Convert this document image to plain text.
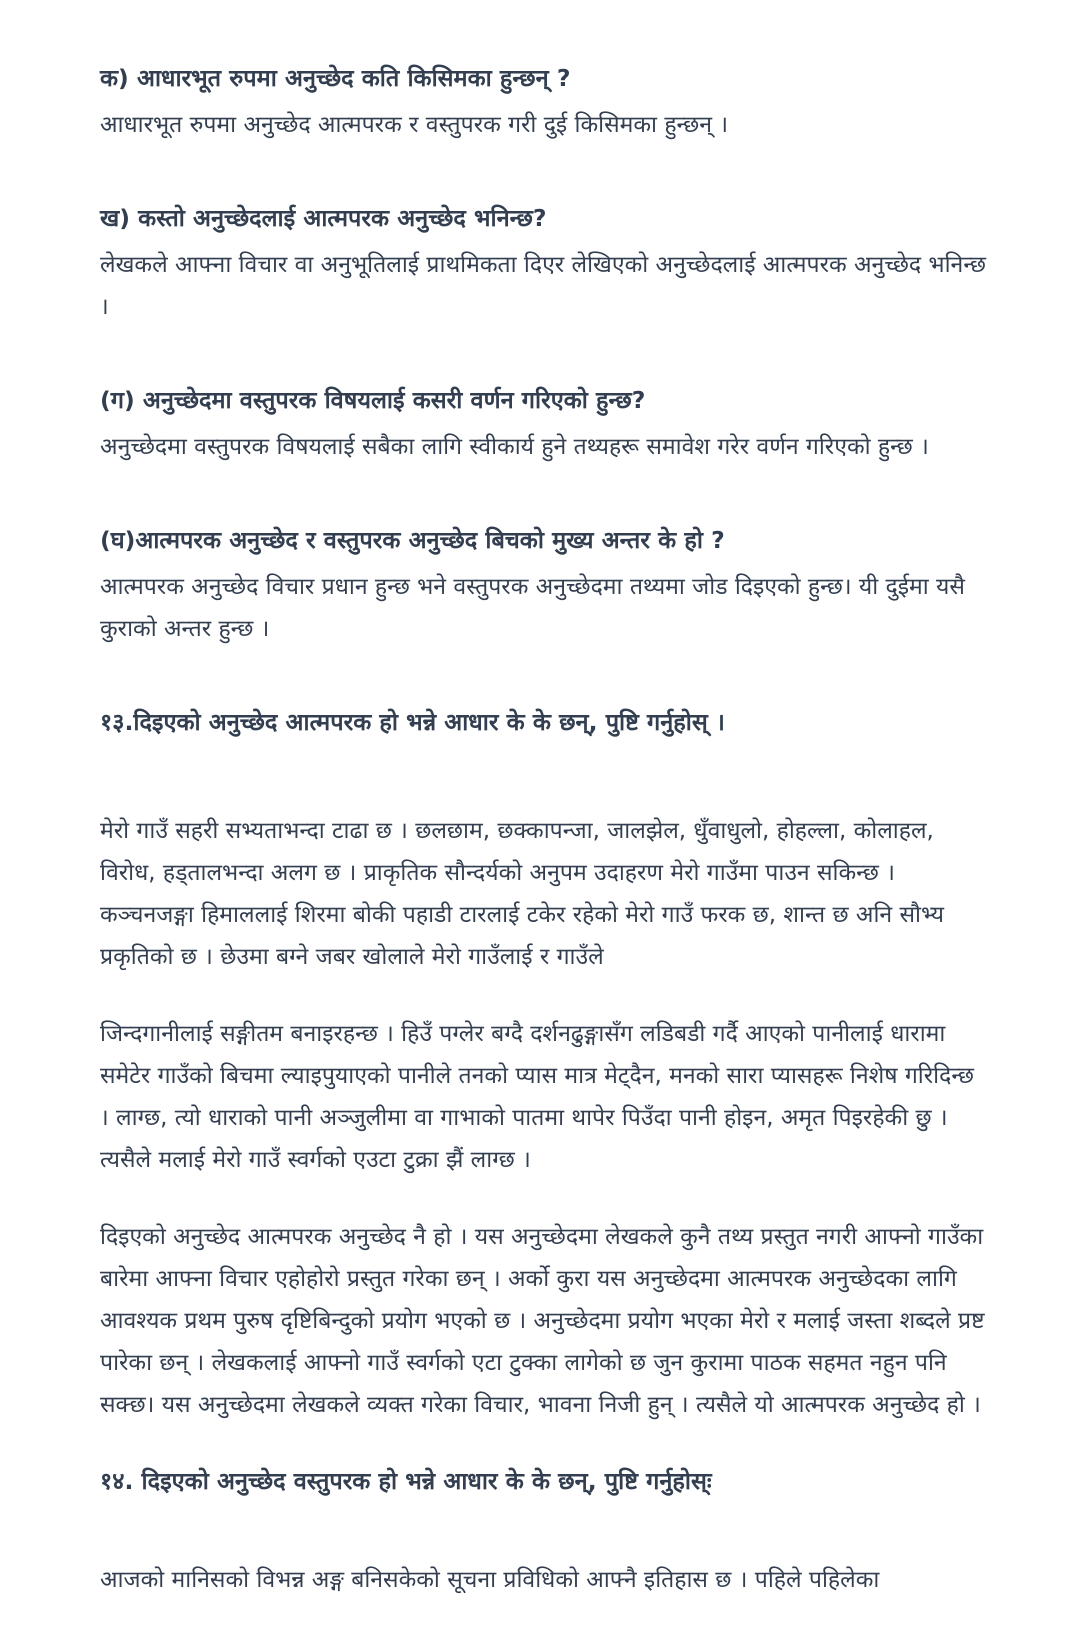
क) आधारभूत रुपमा अनुच्छेद कति किसिमका हुन्छन् ?

आधारभूत रुपमा अनुच्छेद आत्मपरक र वस्तुपरक गरी दुई किसिमका हुन्छन् ।

ख) कस्तो अनुच्छेदलाई आत्मपरक अनुच्छेद भनिन्छ?

लेखकले आफ्ना विचार वा अनुभूतिलाई प्राथमिकता दिएर लेखिएको अनुच्छेदलाई आत्मपरक अनुच्छेद भनिन्छ ।

(ग) अनुच्छेदमा वस्तुपरक विषयलाई कसरी वर्णन गरिएको हुन्छ?

अनुच्छेदमा वस्तुपरक विषयलाई सबैका लागि स्वीकार्य हुने तथ्यहरू समावेश गरेर वर्णन गरिएको हुन्छ ।

(घ)आत्मपरक अनुच्छेद र वस्तुपरक अनुच्छेद बिचको मुख्य अन्तर के हो ?

आत्मपरक अनुच्छेद विचार प्रधान हुन्छ भने वस्तुपरक अनुच्छेदमा तथ्यमा जोड दिइएको हुन्छ। यी दुईमा यसै कुराको अन्तर हुन्छ ।

१३.दिइएको अनुच्छेद आत्मपरक हो भन्ने आधार के के छन्, पुष्टि गर्नुहोस् ।

मेरो गाउँ सहरी सभ्यताभन्दा टाढा छ । छलछाम, छक्कापन्जा, जालझेल, धुँवाधुलो, होहल्ला, कोलाहल, विरोध, हड्तालभन्दा अलग छ । प्राकृतिक सौन्दर्यको अनुपम उदाहरण मेरो गाउँमा पाउन सकिन्छ । कञ्चनजङ्गा हिमाललाई शिरमा बोकी पहाडी टारलाई टकेर रहेको मेरो गाउँ फरक छ, शान्त छ अनि सौभ्य प्रकृतिको छ । छेउमा बग्ने जबर खोलाले मेरो गाउँलाई र गाउँले

जिन्दगानीलाई सङ्गीतम बनाइरहन्छ । हिउँ पग्लेर बग्दै दर्शनढुङ्गासँग लडिबडी गर्दै आएको पानीलाई धारामा समेटेर गाउँको बिचमा ल्याइपुयाएको पानीले तनको प्यास मात्र मेट्दैन, मनको सारा प्यासहरू निशेष गरिदिन्छ । लाग्छ, त्यो धाराको पानी अञ्जुलीमा वा गाभाको पातमा थापेर पिउँदा पानी होइन, अमृत पिइरहेकी छु । त्यसैले मलाई मेरो गाउँ स्वर्गको एउटा टुक्रा झैं लाग्छ ।

दिइएको अनुच्छेद आत्मपरक अनुच्छेद नै हो । यस अनुच्छेदमा लेखकले कुनै तथ्य प्रस्तुत नगरी आफ्नो गाउँका बारेमा आफ्ना विचार एहोहोरो प्रस्तुत गरेका छन् । अर्को कुरा यस अनुच्छेदमा आत्मपरक अनुच्छेदका लागि आवश्यक प्रथम पुरुष दृष्टिबिन्दुको प्रयोग भएको छ । अनुच्छेदमा प्रयोग भएका मेरो र मलाई जस्ता शब्दले प्रष्ट पारेका छन् । लेखकलाई आफ्नो गाउँ स्वर्गको एटा टुक्का लागेको छ जुन कुरामा पाठक सहमत नहुन पनि सक्छ। यस अनुच्छेदमा लेखकले व्यक्त गरेका विचार, भावना निजी हुन् । त्यसैले यो आत्मपरक अनुच्छेद हो ।

१४. दिइएको अनुच्छेद वस्तुपरक हो भन्ने आधार के के छन्, पुष्टि गर्नुहोस्ः

आजको मानिसको विभन्न अङ्ग बनिसकेको सूचना प्रविधिको आफ्नै इतिहास छ । पहिले पहिलेका
